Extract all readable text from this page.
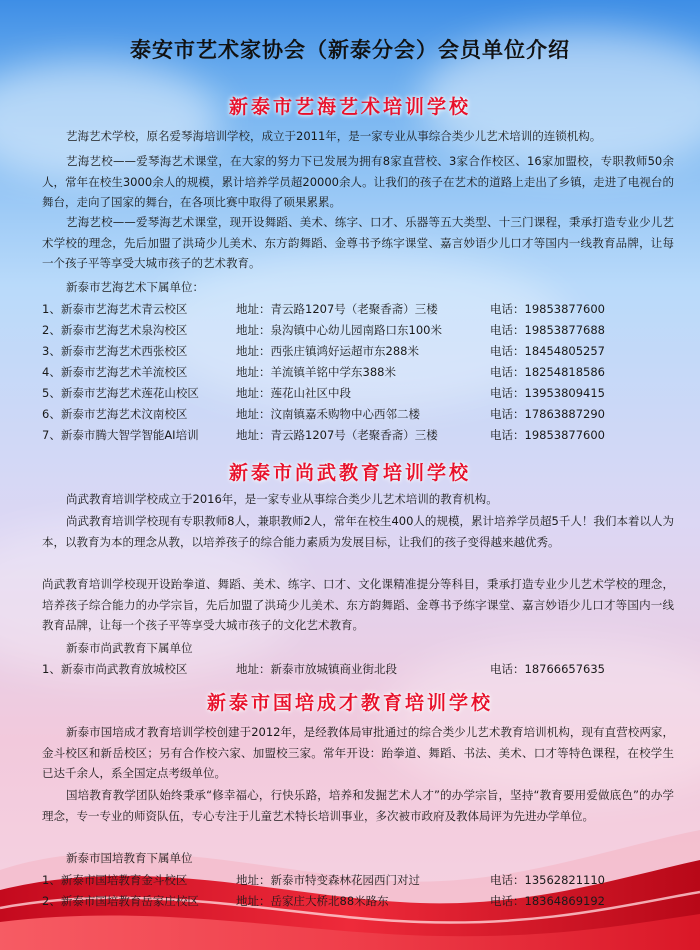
泰安市艺术家协会（新泰分会）会员单位介绍
新泰市艺海艺术培训学校
艺海艺术学校，原名爱琴海培训学校，成立于2011年，是一家专业从事综合类少儿艺术培训的连锁机构。
艺海艺校——爱琴海艺术课堂，在大家的努力下已发展为拥有8家直营校、3家合作校区、16家加盟校，专职教师50余人，常年在校生3000余人的规模，累计培养学员超20000余人。让我们的孩子在艺术的道路上走出了乡镇，走进了电视台的舞台，走向了国家的舞台，在各项比赛中取得了硕果累累。
艺海艺校——爱琴海艺术课堂，现开设舞蹈、美术、练字、口才、乐器等五大类型、十三门课程，秉承打造专业少儿艺术学校的理念，先后加盟了洪琦少儿美术、东方韵舞蹈、金尊书予练字课堂、嘉言妙语少儿口才等国内一线教育品牌，让每一个孩子平等享受大城市孩子的艺术教育。
新泰市艺海艺术下属单位：
1、新泰市艺海艺术青云校区	地址：青云路1207号（老聚香斋）三楼	电话：19853877600
2、新泰市艺海艺术泉沟校区	地址：泉沟镇中心幼儿园南路口东100米	电话：19853877688
3、新泰市艺海艺术西张校区	地址：西张庄镇鸿好运超市东288米	电话：18454805257
4、新泰市艺海艺术羊流校区	地址：羊流镇羊铭中学东388米	电话：18254818586
5、新泰市艺海艺术莲花山校区	地址：莲花山社区中段	电话：13953809415
6、新泰市艺海艺术汶南校区	地址：汶南镇嘉禾购物中心西邻二楼	电话：17863887290
7、新泰市腾大智学智能AI培训	地址：青云路1207号（老聚香斋）三楼	电话：19853877600
新泰市尚武教育培训学校
尚武教育培训学校成立于2016年，是一家专业从事综合类少儿艺术培训的教育机构。
尚武教育培训学校现有专职教师8人，兼职教师2人，常年在校生400人的规模，累计培养学员超5千人！我们本着以人为本，以教育为本的理念从教，以培养孩子的综合能力素质为发展目标，让我们的孩子变得越来越优秀。
尚武教育培训学校现开设跆拳道、舞蹈、美术、练字、口才、文化课精准提分等科目，秉承打造专业少儿艺术学校的理念，培养孩子综合能力的办学宗旨，先后加盟了洪琦少儿美术、东方韵舞蹈、金尊书予练字课堂、嘉言妙语少儿口才等国内一线教育品牌，让每一个孩子平等享受大城市孩子的文化艺术教育。
新泰市尚武教育下属单位
1、新泰市尚武教育放城校区	地址：新泰市放城镇商业街北段	电话：18766657635
新泰市国培成才教育培训学校
新泰市国培成才教育培训学校创建于2012年，是经教体局审批通过的综合类少儿艺术教育培训机构，现有直营校两家，金斗校区和新岳校区；另有合作校六家、加盟校三家。常年开设：跆拳道、舞蹈、书法、美术、口才等特色课程，在校学生已达千余人，系全国定点考级单位。
国培教育教学团队始终秉承“修幸福心，行快乐路，培养和发掘艺术人才”的办学宗旨，坚持“教育要用爱做底色”的办学理念，专一专业的师资队伍，专心专注于儿童艺术特长培训事业，多次被市政府及教体局评为先进办学单位。
新泰市国培教育下属单位
1、新泰市国培教育金斗校区	地址：新泰市特变森林花园西门对过	电话：13562821110
2、新泰市国培教育岳家庄校区	地址：岳家庄大桥北88米路东	电话：18364869192
